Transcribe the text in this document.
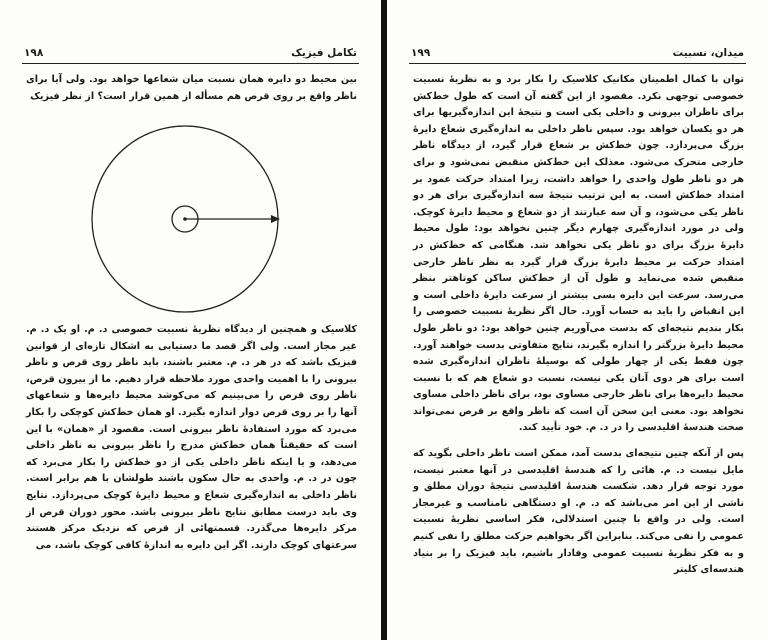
تکامل فیزیک
۱۹۸

بین محیط دو دایره همان نسبت میان شعاعها خواهد بود. ولی آیا برای ناظر واقع بر روی قرص هم مسأله از همین قرار است؟ از نظر فیزیک

کلاسیک و همچنین از دیدگاه نظریهٔ نسبیت خصوصی د. م. او یک د. م. غیر مجاز است. ولی اگر قصد ما دستیابی به اشکال تازه‌ای از قوانین فیزیک باشد که در هر د. م. معتبر باشند، باید ناظر روی قرص و ناظر بیرونی را با اهمیت واحدی مورد ملاحظه قرار دهیم. ما از بیرون قرص، ناظر روی قرص را می‌بینیم که می‌کوشد محیط دایره‌ها و شعاعهای آنها را بر روی قرص دوار اندازه بگیرد. او همان خط‌کش کوچکی را بکار می‌برد که مورد استفادهٔ ناظر بیرونی است. مقصود از «همان» با این است که حقیقتاً همان خط‌کش مدرج را ناظر بیرونی به ناظر داخلی می‌دهد، و یا اینکه ناظر داخلی یکی از دو خط‌کش را بکار می‌برد که چون در د. م. واحدی به حال سکون باشند طولشان با هم برابر است. ناظر داخلی به اندازه‌گیری شعاع و محیط دایرهٔ کوچک می‌پردازد. نتایج وی باید درست مطابق نتایج ناظر بیرونی باشد. محور دوران قرص از مرکز دایره‌ها می‌گذرد. قسمتهائی از قرص که نزدیک مرکز هستند سرعتهای کوچک دارند. اگر این دایره به اندازهٔ کافی کوچک باشد، می

میدان، نسبیت
۱۹۹

توان با کمال اطمینان مکانیک کلاسیک را بکار برد و به نظریهٔ نسبیت خصوصی توجهی نکرد. مقصود از این گفته آن است که طول خط‌کش برای ناظران بیرونی و داخلی یکی است و نتیجهٔ این اندازه‌گیریها برای هر دو یکسان خواهد بود. سپس ناظر داخلی به اندازه‌گیری شعاع دایرهٔ بزرگ می‌پردازد. چون خط‌کش بر شعاع قرار گیرد، از دیدگاه ناظر خارجی متحرک می‌شود. معذلک این خط‌کش منقبض نمی‌شود و برای هر دو ناظر طول واحدی را خواهد داشت، زیرا امتداد حرکت عمود بر امتداد خط‌کش است. به این ترتیب نتیجهٔ سه اندازه‌گیری برای هر دو ناظر یکی می‌شود، و آن سه عبارتند از دو شعاع و محیط دایرهٔ کوچک. ولی در مورد اندازه‌گیری چهارم دیگر چنین نخواهد بود: طول محیط دایرهٔ بزرگ برای دو ناظر یکی نخواهد شد. هنگامی که خط‌کش در امتداد حرکت بر محیط دایرهٔ بزرگ قرار گیرد به نظر ناظر خارجی منقبض شده می‌نماید و طول آن از خط‌کش ساکن کوتاهتر بنظر می‌رسد. سرعت این دایره بسی بیشتر از سرعت دایرهٔ داخلی است و این انقباض را باید به حساب آورد. حال اگر نظریهٔ نسبیت خصوصی را بکار بندیم نتیجه‌ای که بدست می‌آوریم چنین خواهد بود: دو ناظر طول محیط دایرهٔ بزرگتر را اندازه بگیرند، نتایج متفاوتی بدست خواهند آورد. چون فقط یکی از چهار طولی که بوسیلهٔ ناظران اندازه‌گیری شده است برای هر دوی آنان یکی نیست، نسبت دو شعاع هم که با نسبت محیط دایره‌ها برای ناظر خارجی مساوی بود، برای ناظر داخلی مساوی نخواهد بود. معنی این سخن آن است که ناظر واقع بر قرص نمی‌تواند صحت هندسهٔ اقلیدسی را در د. م. خود تأیید کند.

پس از آنکه چنین نتیجه‌ای بدست آمد، ممکن است ناظر داخلی بگوید که مایل نیست د. م. هائی را که هندسهٔ اقلیدسی در آنها معتبر نیست، مورد توجه قرار دهد. شکست هندسهٔ اقلیدسی نتیجهٔ دوران مطلق و ناشی از این امر می‌باشد که د. م. او دستگاهی نامناسب و غیرمجاز است. ولی در واقع با چنین استدلالی، فکر اساسی نظریهٔ نسبیت عمومی را نفی می‌کند. بنابراین اگر بخواهیم حرکت مطلق را نفی کنیم و به فکر نظریهٔ نسبیت عمومی وفادار باشیم، باید فیزیک را بر بنیاد هندسه‌ای کلیتر
